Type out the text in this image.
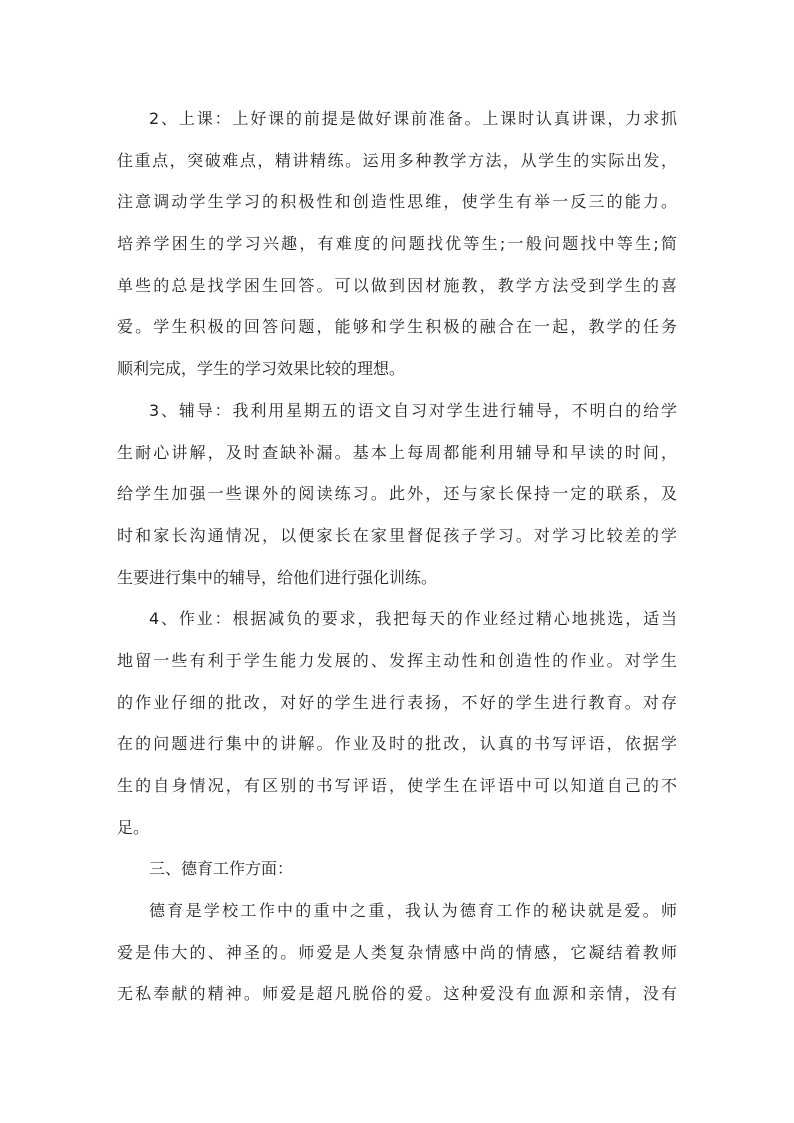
2、上课：上好课的前提是做好课前准备。上课时认真讲课，力求抓
住重点，突破难点，精讲精练。运用多种教学方法，从学生的实际出发，
注意调动学生学习的积极性和创造性思维，使学生有举一反三的能力。
培养学困生的学习兴趣，有难度的问题找优等生;一般问题找中等生;简
单些的总是找学困生回答。可以做到因材施教，教学方法受到学生的喜
爱。学生积极的回答问题，能够和学生积极的融合在一起，教学的任务
顺利完成，学生的学习效果比较的理想。
3、辅导：我利用星期五的语文自习对学生进行辅导，不明白的给学
生耐心讲解，及时查缺补漏。基本上每周都能利用辅导和早读的时间，
给学生加强一些课外的阅读练习。此外，还与家长保持一定的联系，及
时和家长沟通情况，以便家长在家里督促孩子学习。对学习比较差的学
生要进行集中的辅导，给他们进行强化训练。
4、作业：根据减负的要求，我把每天的作业经过精心地挑选，适当
地留一些有利于学生能力发展的、发挥主动性和创造性的作业。对学生
的作业仔细的批改，对好的学生进行表扬，不好的学生进行教育。对存
在的问题进行集中的讲解。作业及时的批改，认真的书写评语，依据学
生的自身情况，有区别的书写评语，使学生在评语中可以知道自己的不
足。
三、德育工作方面：
德育是学校工作中的重中之重，我认为德育工作的秘诀就是爱。师
爱是伟大的、神圣的。师爱是人类复杂情感中尚的情感，它凝结着教师
无私奉献的精神。师爱是超凡脱俗的爱。这种爱没有血源和亲情，没有
